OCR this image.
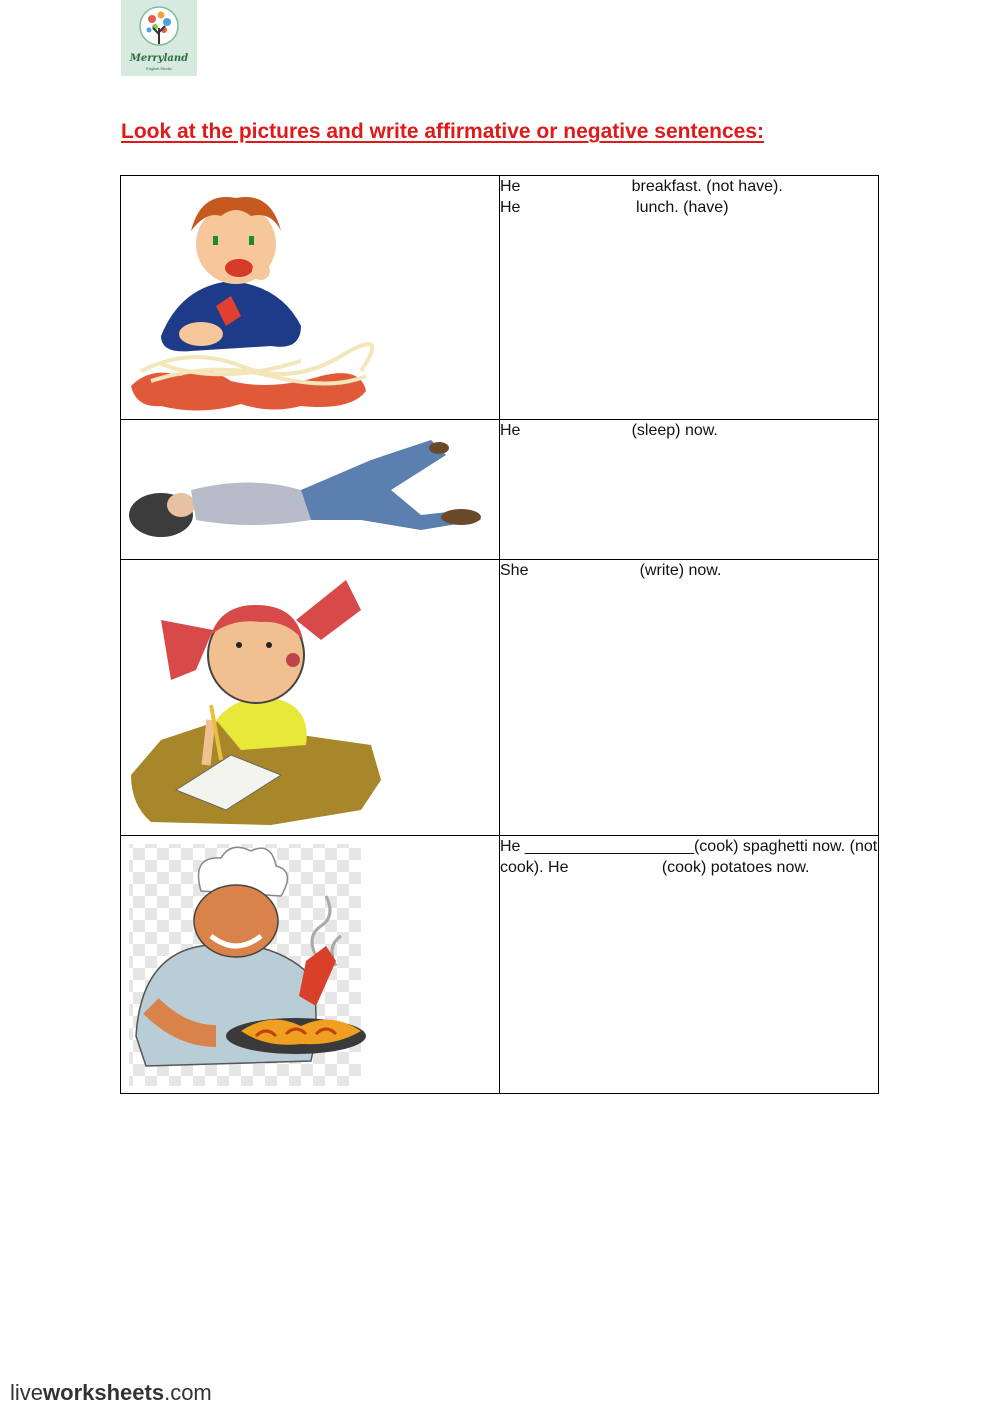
Merryland
English Studio
Look at the pictures and write affirmative or negative sentences:

He                         breakfast. (not have).
He                          lunch. (have)

He                         (sleep) now.

She                         (write) now.

He ___________________(cook) spaghetti now. (not cook). He                     (cook) potatoes now.
liveworksheets.com
